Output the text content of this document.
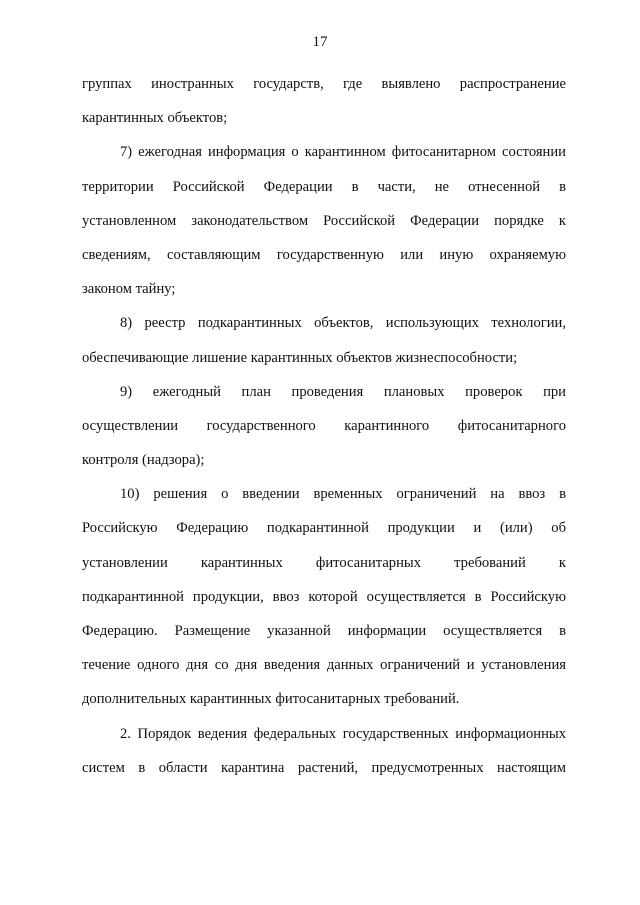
17
группах иностранных государств, где выявлено распространение
карантинных объектов;
7) ежегодная информация о карантинном фитосанитарном состоянии
территории Российской Федерации в части, не отнесенной в
установленном законодательством Российской Федерации порядке к
сведениям, составляющим государственную или иную охраняемую
законом тайну;
8) реестр подкарантинных объектов, использующих технологии,
обеспечивающие лишение карантинных объектов жизнеспособности;
9) ежегодный план проведения плановых проверок при
осуществлении государственного карантинного фитосанитарного
контроля (надзора);
10) решения о введении временных ограничений на ввоз в
Российскую Федерацию подкарантинной продукции и (или) об
установлении карантинных фитосанитарных требований к
подкарантинной продукции, ввоз которой осуществляется в Российскую
Федерацию. Размещение указанной информации осуществляется в
течение одного дня со дня введения данных ограничений и установления
дополнительных карантинных фитосанитарных требований.
2. Порядок ведения федеральных государственных информационных
систем в области карантина растений, предусмотренных настоящим
